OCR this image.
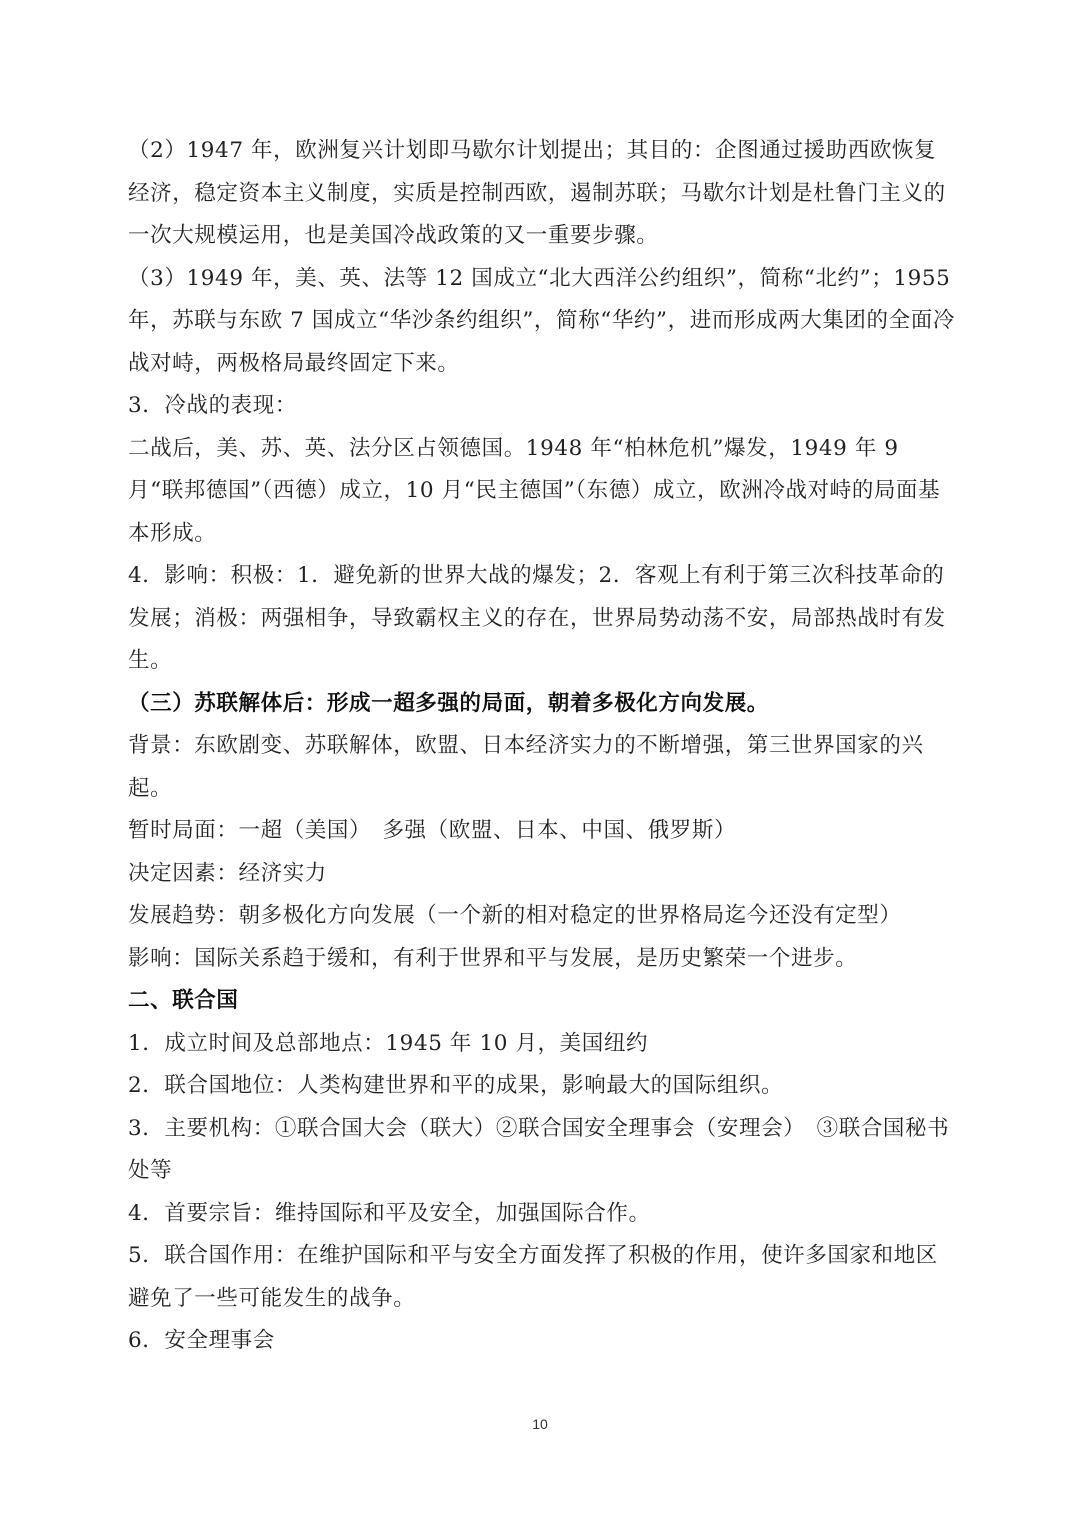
（2）1947 年，欧洲复兴计划即马歇尔计划提出；其目的：企图通过援助西欧恢复经济，稳定资本主义制度，实质是控制西欧，遏制苏联；马歇尔计划是杜鲁门主义的一次大规模运用，也是美国冷战政策的又一重要步骤。

（3）1949 年，美、英、法等 12 国成立“北大西洋公约组织”，简称“北约”；1955 年，苏联与东欧 7 国成立“华沙条约组织”，简称“华约”，进而形成两大集团的全面冷战对峙，两极格局最终固定下来。

3．冷战的表现：

二战后，美、苏、英、法分区占领德国。1948 年“柏林危机”爆发，1949 年 9 月“联邦德国”（西德）成立，10 月“民主德国”（东德）成立，欧洲冷战对峙的局面基本形成。

4．影响：积极：1．避免新的世界大战的爆发；2．客观上有利于第三次科技革命的发展；消极：两强相争，导致霸权主义的存在，世界局势动荡不安，局部热战时有发生。

（三）苏联解体后：形成一超多强的局面，朝着多极化方向发展。

背景：东欧剧变、苏联解体，欧盟、日本经济实力的不断增强，第三世界国家的兴起。

暂时局面：一超（美国）　多强（欧盟、日本、中国、俄罗斯）

决定因素：经济实力

发展趋势：朝多极化方向发展（一个新的相对稳定的世界格局迄今还没有定型）

影响：国际关系趋于缓和，有利于世界和平与发展，是历史繁荣一个进步。

二、联合国

1．成立时间及总部地点：1945 年 10 月，美国纽约

2．联合国地位：人类构建世界和平的成果，影响最大的国际组织。

3．主要机构：①联合国大会（联大）②联合国安全理事会（安理会）　③联合国秘书处等

4．首要宗旨：维持国际和平及安全，加强国际合作。

5．联合国作用：在维护国际和平与安全方面发挥了积极的作用，使许多国家和地区避免了一些可能发生的战争。

6．安全理事会

10
